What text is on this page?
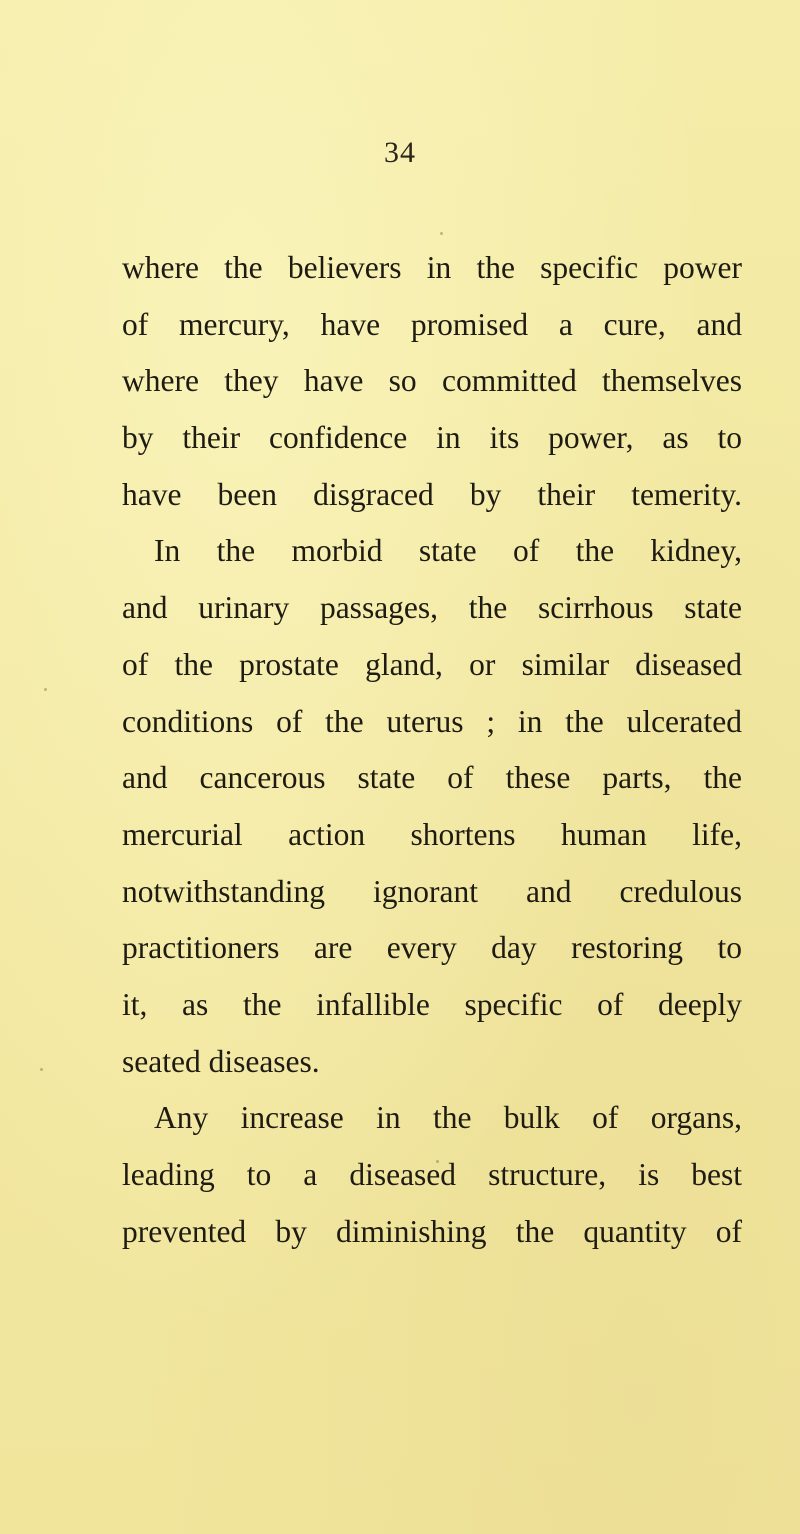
34
where the believers in the specific power
of mercury, have promised a cure, and
where they have so committed themselves
by their confidence in its power, as to
have been disgraced by their temerity.
In the morbid state of the kidney,
and urinary passages, the scirrhous state
of the prostate gland, or similar diseased
conditions of the uterus ; in the ulcerated
and cancerous state of these parts, the
mercurial action shortens human life,
notwithstanding ignorant and credulous
practitioners are every day restoring to
it, as the infallible specific of deeply
seated diseases.
Any increase in the bulk of organs,
leading to a diseased structure, is best
prevented by diminishing the quantity of
